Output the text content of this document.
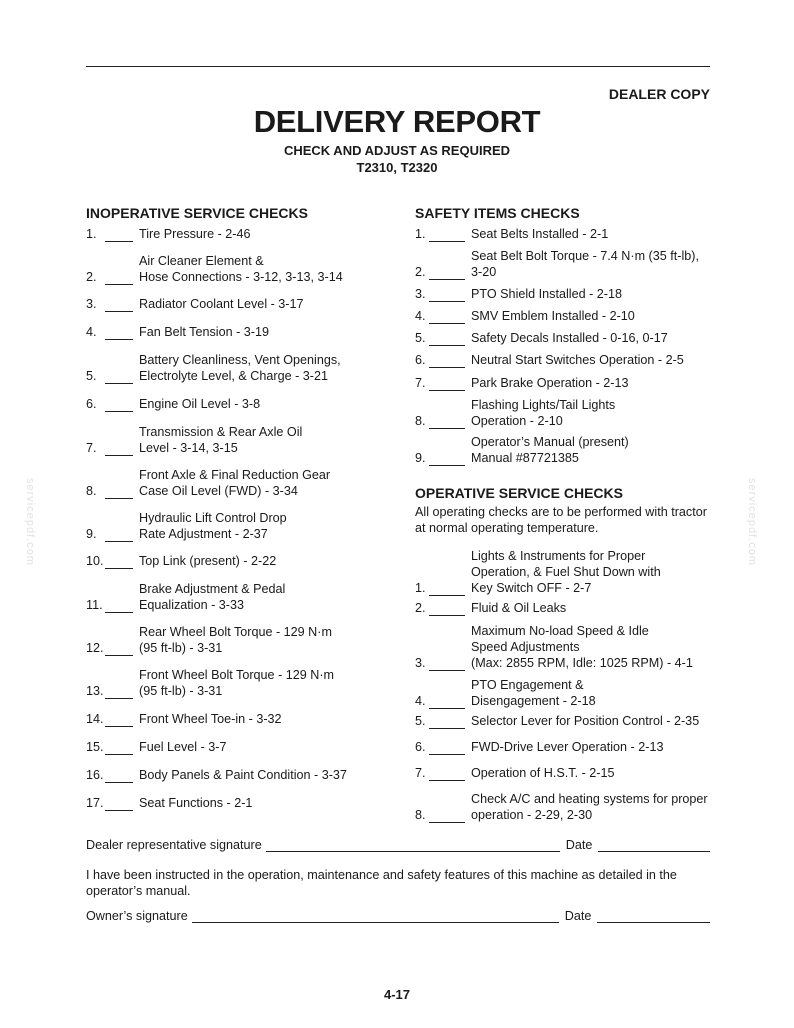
DEALER COPY
DELIVERY REPORT
CHECK AND ADJUST AS REQUIRED
T2310, T2320
INOPERATIVE SERVICE CHECKS
1.	Tire Pressure - 2-46
2.
Air Cleaner Element &
Hose Connections - 3-12, 3-13, 3-14
3.	Radiator Coolant Level - 3-17
4.	Fan Belt Tension - 3-19
5.
Battery Cleanliness, Vent Openings,
Electrolyte Level, & Charge - 3-21
6.	Engine Oil Level - 3-8
7.
Transmission & Rear Axle Oil
Level - 3-14, 3-15
8.
Front Axle & Final Reduction Gear
Case Oil Level (FWD) - 3-34
9.
Hydraulic Lift Control Drop
Rate Adjustment - 2-37
10.	Top Link (present) - 2-22
11.
Brake Adjustment & Pedal
Equalization - 3-33
12.
Rear Wheel Bolt Torque - 129 N·m
(95 ft-lb) - 3-31
13.
Front Wheel Bolt Torque - 129 N·m
(95 ft-lb) - 3-31
14.	Front Wheel Toe-in - 3-32
15.	Fuel Level - 3-7
16.	Body Panels & Paint Condition - 3-37
17.	Seat Functions - 2-1
SAFETY ITEMS CHECKS
1.	Seat Belts Installed - 2-1
2.
Seat Belt Bolt Torque - 7.4 N·m (35 ft-lb),
3-20
3.	PTO Shield Installed - 2-18
4.	SMV Emblem Installed - 2-10
5.	Safety Decals Installed - 0-16, 0-17
6.	Neutral Start Switches Operation - 2-5
7.	Park Brake Operation - 2-13
8.
Flashing Lights/Tail Lights
Operation - 2-10
9.
Operator’s Manual (present)
Manual #87721385
OPERATIVE SERVICE CHECKS
All operating checks are to be performed with tractor
at normal operating temperature.
1.
Lights & Instruments for Proper
Operation, & Fuel Shut Down with
Key Switch OFF - 2-7
2.	Fluid & Oil Leaks
3.
Maximum No-load Speed & Idle
Speed Adjustments
(Max: 2855 RPM, Idle: 1025 RPM) - 4-1
4.
PTO Engagement &
Disengagement - 2-18
5.	Selector Lever for Position Control - 2-35
6.	FWD-Drive Lever Operation - 2-13
7.	Operation of H.S.T. - 2-15
8.
Check A/C and heating systems for proper
operation - 2-29, 2-30
Dealer representative signature	Date
I have been instructed in the operation, maintenance and safety features of this machine as detailed in the operator’s manual.
Owner’s signature	Date
4-17
servicepdf.com	servicepdf.com
